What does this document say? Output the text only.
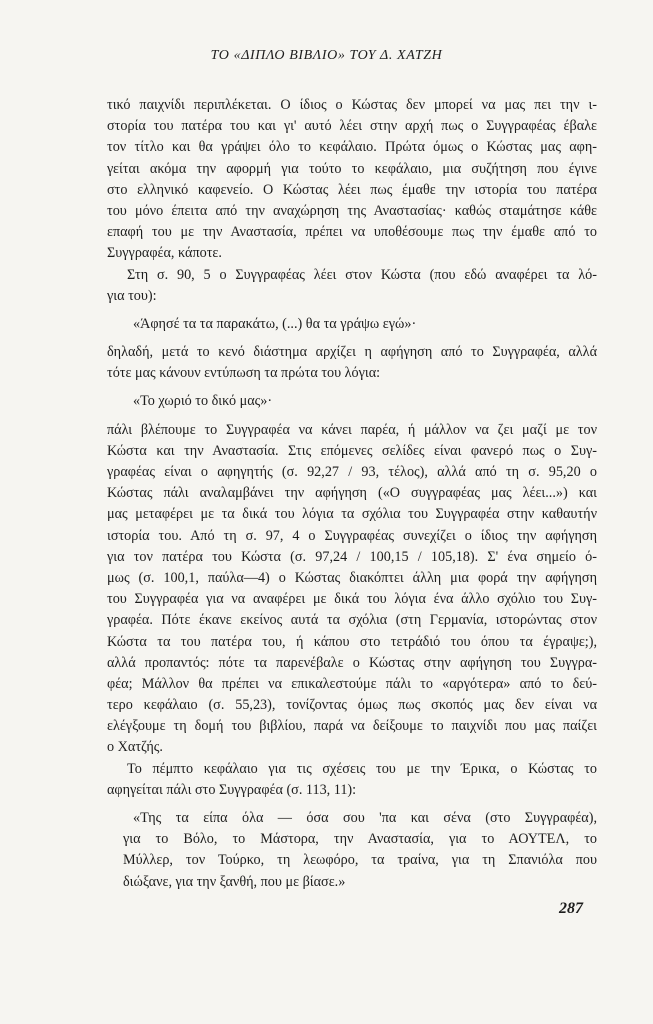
ΤΟ «ΔΙΠΛΟ ΒΙΒΛΙΟ» ΤΟΥ Δ. ΧΑΤΖΗ
τικό παιχνίδι περιπλέκεται. Ο ίδιος ο Κώστας δεν μπορεί να μας πει την ι-
στορία του πατέρα του και γι' αυτό λέει στην αρχή πως ο Συγγραφέας έβαλε
τον τίτλο και θα γράψει όλο το κεφάλαιο. Πρώτα όμως ο Κώστας μας αφη-
γείται ακόμα την αφορμή για τούτο το κεφάλαιο, μια συζήτηση που έγινε
στο ελληνικό καφενείο. Ο Κώστας λέει πως έμαθε την ιστορία του πατέρα
του μόνο έπειτα από την αναχώρηση της Αναστασίας· καθώς σταμάτησε κάθε
επαφή του με την Αναστασία, πρέπει να υποθέσουμε πως την έμαθε από το
Συγγραφέα, κάποτε.
Στη σ. 90, 5 ο Συγγραφέας λέει στον Κώστα (που εδώ αναφέρει τα λό-
για του):
«Άφησέ τα τα παρακάτω, (...) θα τα γράψω εγώ»·
δηλαδή, μετά το κενό διάστημα αρχίζει η αφήγηση από το Συγγραφέα, αλλά
τότε μας κάνουν εντύπωση τα πρώτα του λόγια:
«Το χωριό το δικό μας»·
πάλι βλέπουμε το Συγγραφέα να κάνει παρέα, ή μάλλον να ζει μαζί με τον
Κώστα και την Αναστασία. Στις επόμενες σελίδες είναι φανερό πως ο Συγ-
γραφέας είναι ο αφηγητής (σ. 92,27 / 93, τέλος), αλλά από τη σ. 95,20 ο
Κώστας πάλι αναλαμβάνει την αφήγηση («Ο συγγραφέας μας λέει...») και
μας μεταφέρει με τα δικά του λόγια τα σχόλια του Συγγραφέα στην καθαυτήν
ιστορία του. Από τη σ. 97, 4 ο Συγγραφέας συνεχίζει ο ίδιος την αφήγηση
για τον πατέρα του Κώστα (σ. 97,24 / 100,15 / 105,18). Σ' ένα σημείο ό-
μως (σ. 100,1, παύλα—4) ο Κώστας διακόπτει άλλη μια φορά την αφήγηση
του Συγγραφέα για να αναφέρει με δικά του λόγια ένα άλλο σχόλιο του Συγ-
γραφέα. Πότε έκανε εκείνος αυτά τα σχόλια (στη Γερμανία, ιστορώντας στον
Κώστα τα του πατέρα του, ή κάπου στο τετράδιό του όπου τα έγραψε;),
αλλά προπαντός: πότε τα παρενέβαλε ο Κώστας στην αφήγηση του Συγγρα-
φέα; Μάλλον θα πρέπει να επικαλεστούμε πάλι το «αργότερα» από το δεύ-
τερο κεφάλαιο (σ. 55,23), τονίζοντας όμως πως σκοπός μας δεν είναι να
ελέγξουμε τη δομή του βιβλίου, παρά να δείξουμε το παιχνίδι που μας παίζει
ο Χατζής.
Το πέμπτο κεφάλαιο για τις σχέσεις του με την Έρικα, ο Κώστας το
αφηγείται πάλι στο Συγγραφέα (σ. 113, 11):
«Της τα είπα όλα — όσα σου 'πα και σένα (στο Συγγραφέα),
για το Βόλο, το Μάστορα, την Αναστασία, για το ΑΟΥΤΕΛ, το
Μύλλερ, τον Τούρκο, τη λεωφόρο, τα τραίνα, για τη Σπανιόλα που
διώξανε, για την ξανθή, που με βίασε.»
287
